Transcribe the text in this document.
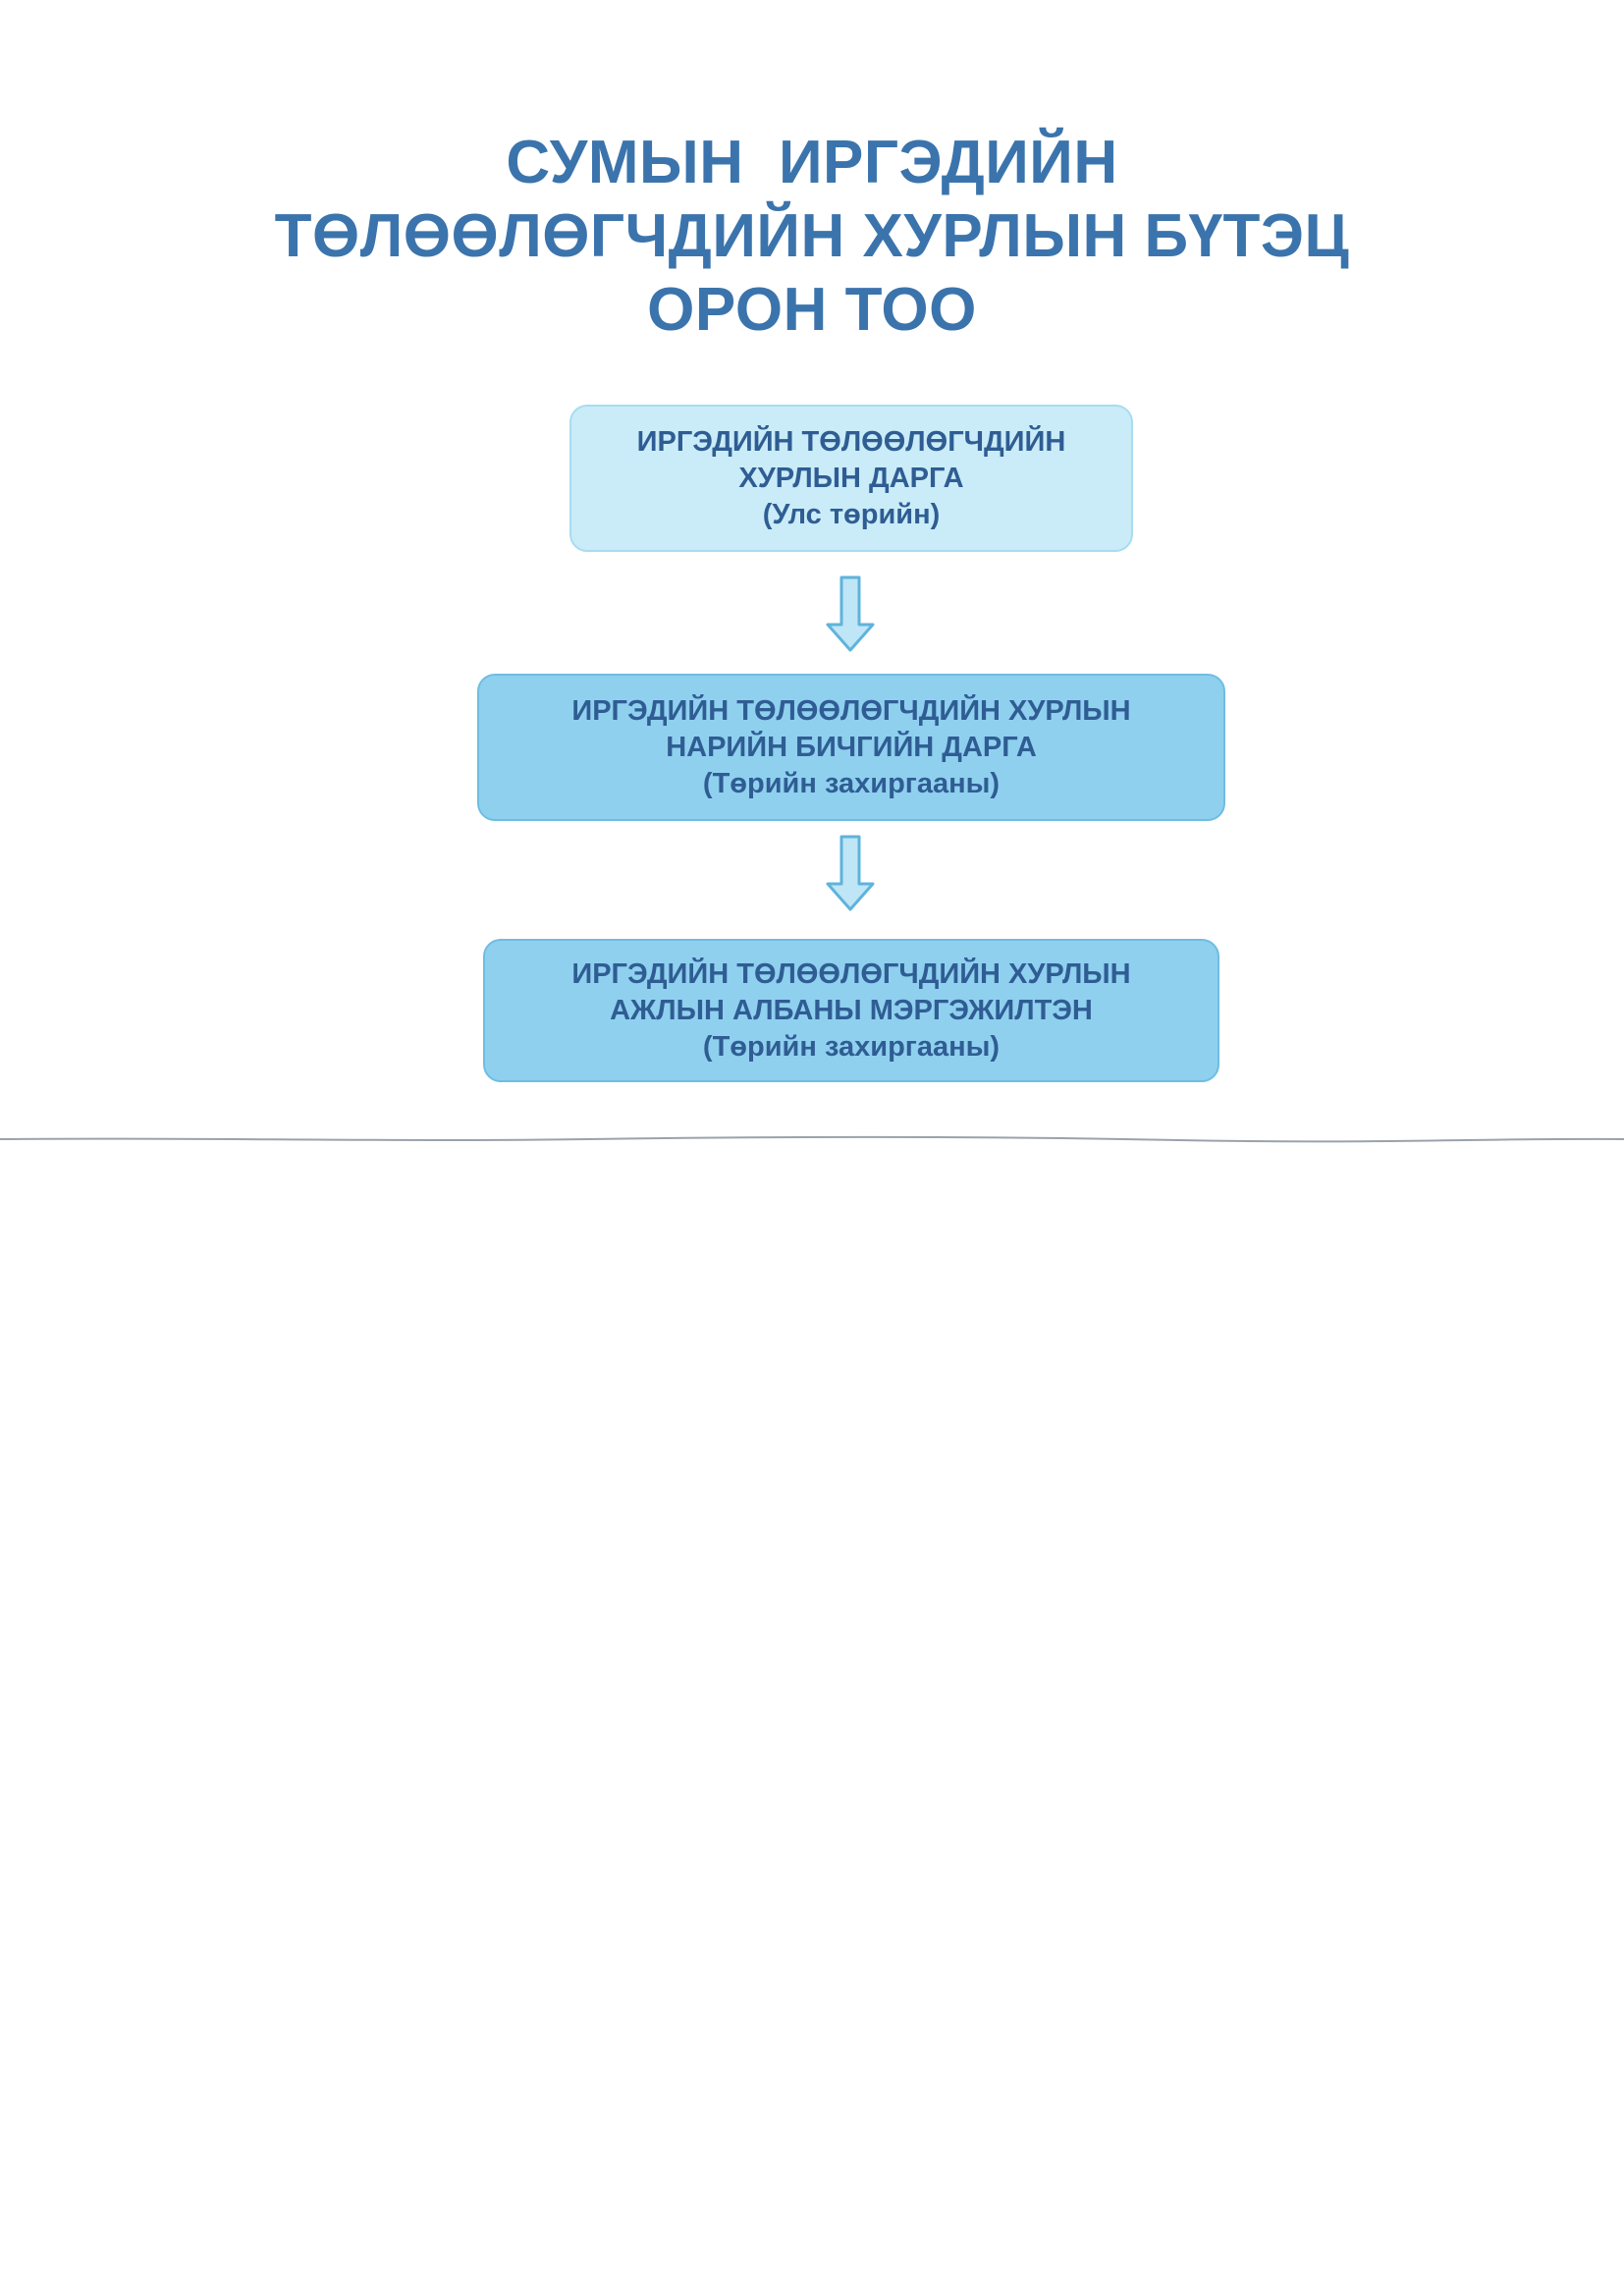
СУМЫН  ИРГЭДИЙН
ТӨЛӨӨЛӨГЧДИЙН ХУРЛЫН БҮТЭЦ
ОРОН ТОО
ИРГЭДИЙН ТӨЛӨӨЛӨГЧДИЙН
ХУРЛЫН ДАРГА
(Улс төрийн)
ИРГЭДИЙН ТӨЛӨӨЛӨГЧДИЙН ХУРЛЫН
НАРИЙН БИЧГИЙН ДАРГА
(Төрийн захиргааны)
ИРГЭДИЙН ТӨЛӨӨЛӨГЧДИЙН ХУРЛЫН
АЖЛЫН АЛБАНЫ МЭРГЭЖИЛТЭН
(Төрийн захиргааны)
